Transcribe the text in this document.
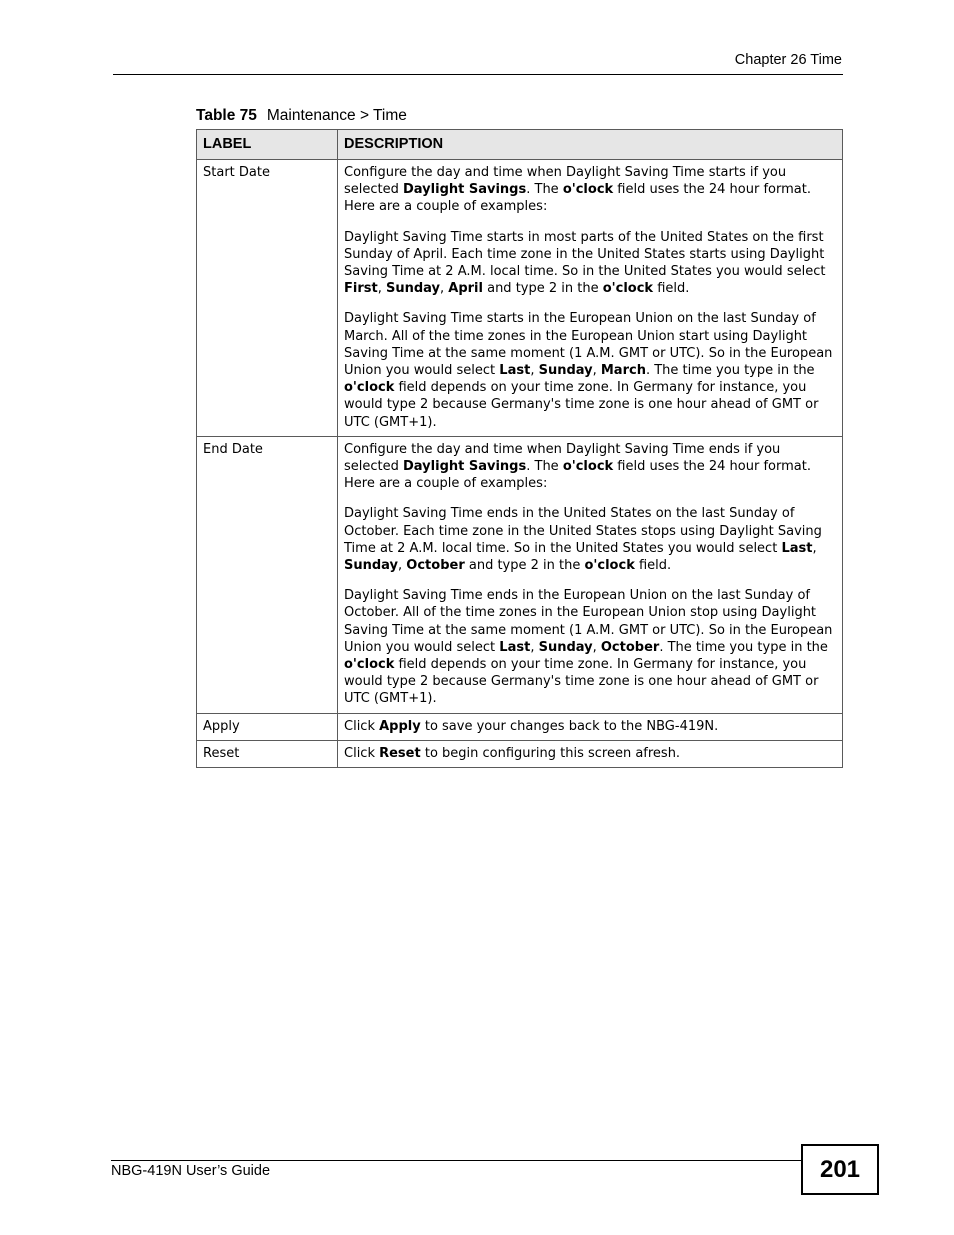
Chapter 26 Time
Table 75 Maintenance > Time
LABEL	DESCRIPTION
Start Date	Configure the day and time when Daylight Saving Time starts if you selected Daylight Savings. The o'clock field uses the 24 hour format. Here are a couple of examples:

Daylight Saving Time starts in most parts of the United States on the first Sunday of April. Each time zone in the United States starts using Daylight Saving Time at 2 A.M. local time. So in the United States you would select First, Sunday, April and type 2 in the o'clock field.

Daylight Saving Time starts in the European Union on the last Sunday of March. All of the time zones in the European Union start using Daylight Saving Time at the same moment (1 A.M. GMT or UTC). So in the European Union you would select Last, Sunday, March. The time you type in the o'clock field depends on your time zone. In Germany for instance, you would type 2 because Germany's time zone is one hour ahead of GMT or UTC (GMT+1).

End Date	Configure the day and time when Daylight Saving Time ends if you selected Daylight Savings. The o'clock field uses the 24 hour format. Here are a couple of examples:

Daylight Saving Time ends in the United States on the last Sunday of October. Each time zone in the United States stops using Daylight Saving Time at 2 A.M. local time. So in the United States you would select Last, Sunday, October and type 2 in the o'clock field.

Daylight Saving Time ends in the European Union on the last Sunday of October. All of the time zones in the European Union stop using Daylight Saving Time at the same moment (1 A.M. GMT or UTC). So in the European Union you would select Last, Sunday, October. The time you type in the o'clock field depends on your time zone. In Germany for instance, you would type 2 because Germany's time zone is one hour ahead of GMT or UTC (GMT+1).

Apply	Click Apply to save your changes back to the NBG-419N.

Reset	Click Reset to begin configuring this screen afresh.

NBG-419N User’s Guide	201
